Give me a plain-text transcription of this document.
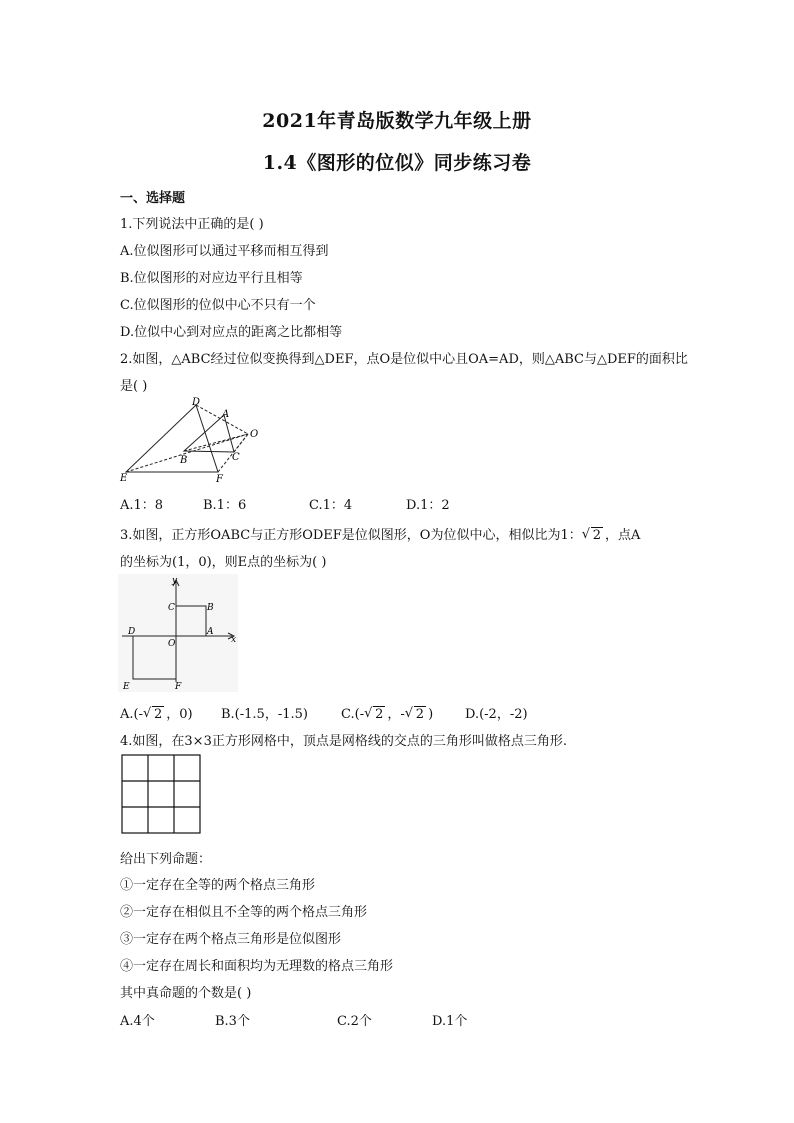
2021年青岛版数学九年级上册
1.4《图形的位似》同步练习卷
一、选择题
1.下列说法中正确的是( )
A.位似图形可以通过平移而相互得到
B.位似图形的对应边平行且相等
C.位似图形的位似中心不只有一个
D.位似中心到对应点的距离之比都相等
2.如图，△ABC经过位似变换得到△DEF，点O是位似中心且OA=AD，则△ABC与△DEF的面积比
是( )
D
A
O
B	C
E	F
A.1：8	B.1：6	C.1：4	D.1：2
3.如图，正方形OABC与正方形ODEF是位似图形，O为位似中心，相似比为1： √ 2 ，点A
的坐标为(1，0)，则E点的坐标为( )
y
x
C	B
D
O
A
E	F
A.(- √ 2 ，0) B.(-1.5，-1.5)	C.(- √ 2 ，- √ 2 ) D.(-2，-2)
4.如图，在3×3正方形网格中，顶点是网格线的交点的三角形叫做格点三角形.
给出下列命题：
①一定存在全等的两个格点三角形
②一定存在相似且不全等的两个格点三角形
③一定存在两个格点三角形是位似图形
④一定存在周长和面积均为无理数的格点三角形
其中真命题的个数是( )
A.4个	B.3个	C.2个	D.1个
